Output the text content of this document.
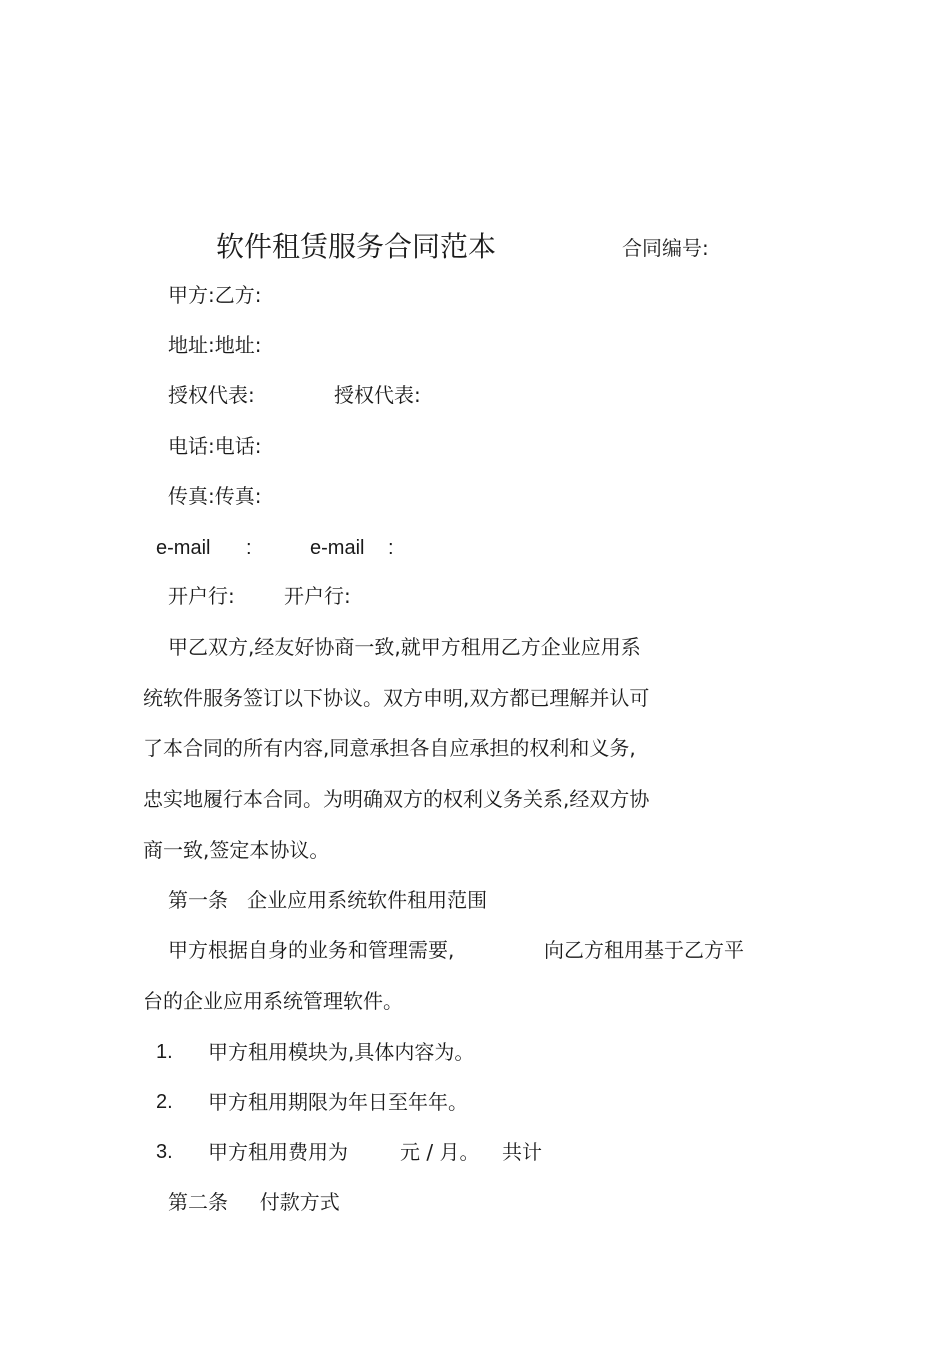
软件租赁服务合同范本	合同编号:
甲方:乙方:
地址:地址:
授权代表:	授权代表:
电话:电话:
传真:传真:
e-mail :	e-mail :
开户行: 开户行:
甲乙双方,经友好协商一致,就甲方租用乙方企业应用系
统软件服务签订以下协议。双方申明,双方都已理解并认可
了本合同的所有内容,同意承担各自应承担的权利和义务,
忠实地履行本合同。为明确双方的权利义务关系,经双方协
商一致,签定本协议。
第一条   企业应用系统软件租用范围
甲方根据自身的业务和管理需要,	向乙方租用基于乙方平
台的企业应用系统管理软件。
1. 甲方租用模块为,具体内容为。
2. 甲方租用期限为年日至年年。
3. 甲方租用费用为	元 / 月。 共计
第二条     付款方式
